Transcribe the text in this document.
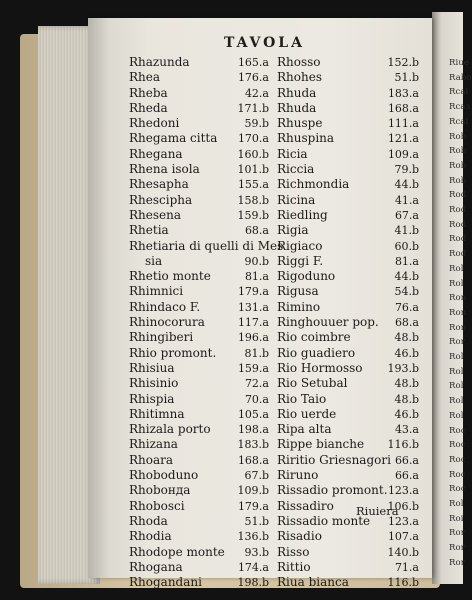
Riue
Rabo
Rcai
Rcaз
Rcai
Rob
Rob
Rob
Rob
Rod
Rod
Rod
Rod
Rod
Rol
Rol
Ron
Ron
Ron
Ror
Rol
Rol
Rol
Rol
Rol
Roc
Roc
Roc
Roc
Roc
Rol
Roi
Ror
Ror
Ror
TAVOLA
Rhazunda	165.a
Rhea	176.a
Rheba	42.a
Rheda	171.b
Rhedoni	59.b
Rhegama citta 170.a
Rhegana	160.b
Rhena isola	101.b
Rhesapha	155.a
Rhesciрha	158.b
Rhesena	159.b
Rhetia	68.a
Rhetiaria di quelli di Mes
sia	90.b
Rhetio monte	81.a
Rhimnici	179.a
Rhindaco F.	131.a
Rhinocorura	117.a
Rhingiberi	196.a
Rhio promont.	81.b
Rhisiua	159.a
Rhisinio	72.a
Rhispia	70.a
Rhitimna	105.a
Rhizala porto 198.a
Rhizana	183.b
Rhoara	168.a
Rhoboduno	67.b
Rhoboнда	109.b
Rhobosci	179.a
Rhoda	51.b
Rhodia	136.b
Rhodope monte 93.b
Rhogana	174.a
Rhogandani	198.b
Rhosso	152.b
Rhohes	51.b
Rhuda	183.a
Rhuda	168.a
Rhuspe	111.a
Rhuspina	121.a
Ricia	109.a
Riccia	79.b
Richmondia	44.b
Ricina	41.a
Riedling	67.a
Rigia	41.b
Rigiaco	60.b
Riggi F.	81.a
Rigoduno	44.b
Rigusa	54.b
Rimino	76.a
Ringhouuer pop. 68.a
Rio coimbre	48.b
Rio guadiero	46.b
Rio Hormosso 193.b
Rio Setubal	48.b
Rio Taio	48.b
Rio uerde	46.b
Ripa alta	43.a
Rippe bianche 116.b
Riritio Griesnagori 66.a
Riruno	66.a
Rissadio promont. 123.a
Rissadiro	106.b
Rissadio monte 123.a
Risadio	107.a
Risso	140.b
Rittio	71.a
Riua bianca	116.b
Riuiera
